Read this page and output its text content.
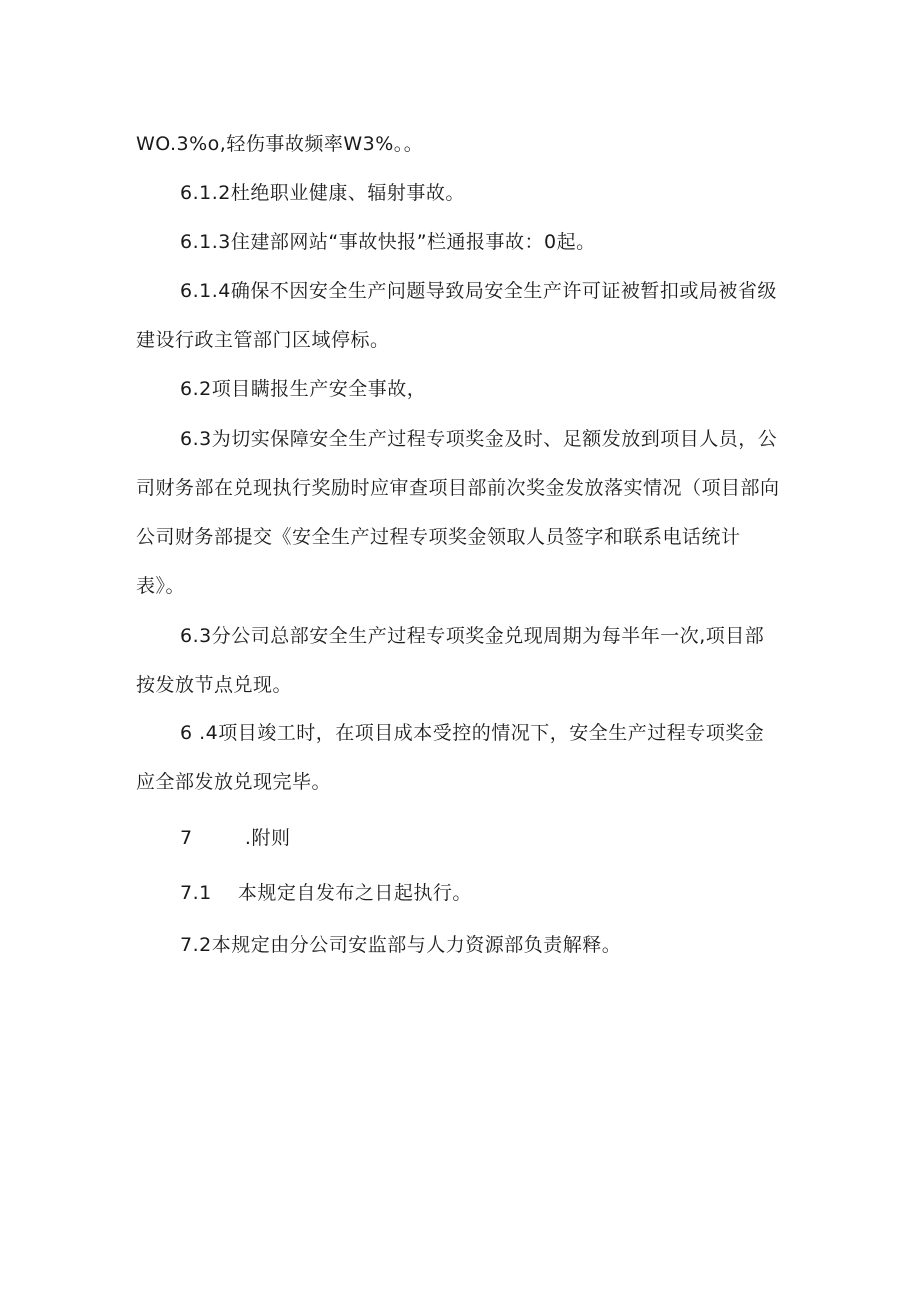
WO.3%o,轻伤事故频率W3%。。
6.1.2杜绝职业健康、辐射事故。
6.1.3住建部网站“事故快报”栏通报事故：0起。
6.1.4确保不因安全生产问题导致局安全生产许可证被暂扣或局被省级
建设行政主管部门区域停标。
6.2项目瞒报生产安全事故，
6.3为切实保障安全生产过程专项奖金及时、足额发放到项目人员，公
司财务部在兑现执行奖励时应审查项目部前次奖金发放落实情况（项目部向
公司财务部提交《安全生产过程专项奖金领取人员签字和联系电话统计
表》。
6.3分公司总部安全生产过程专项奖金兑现周期为每半年一次,项目部
按发放节点兑现。
6 .4项目竣工时，在项目成本受控的情况下，安全生产过程专项奖金
应全部发放兑现完毕。
7        .附则
7.1    本规定自发布之日起执行。
7.2本规定由分公司安监部与人力资源部负责解释。
